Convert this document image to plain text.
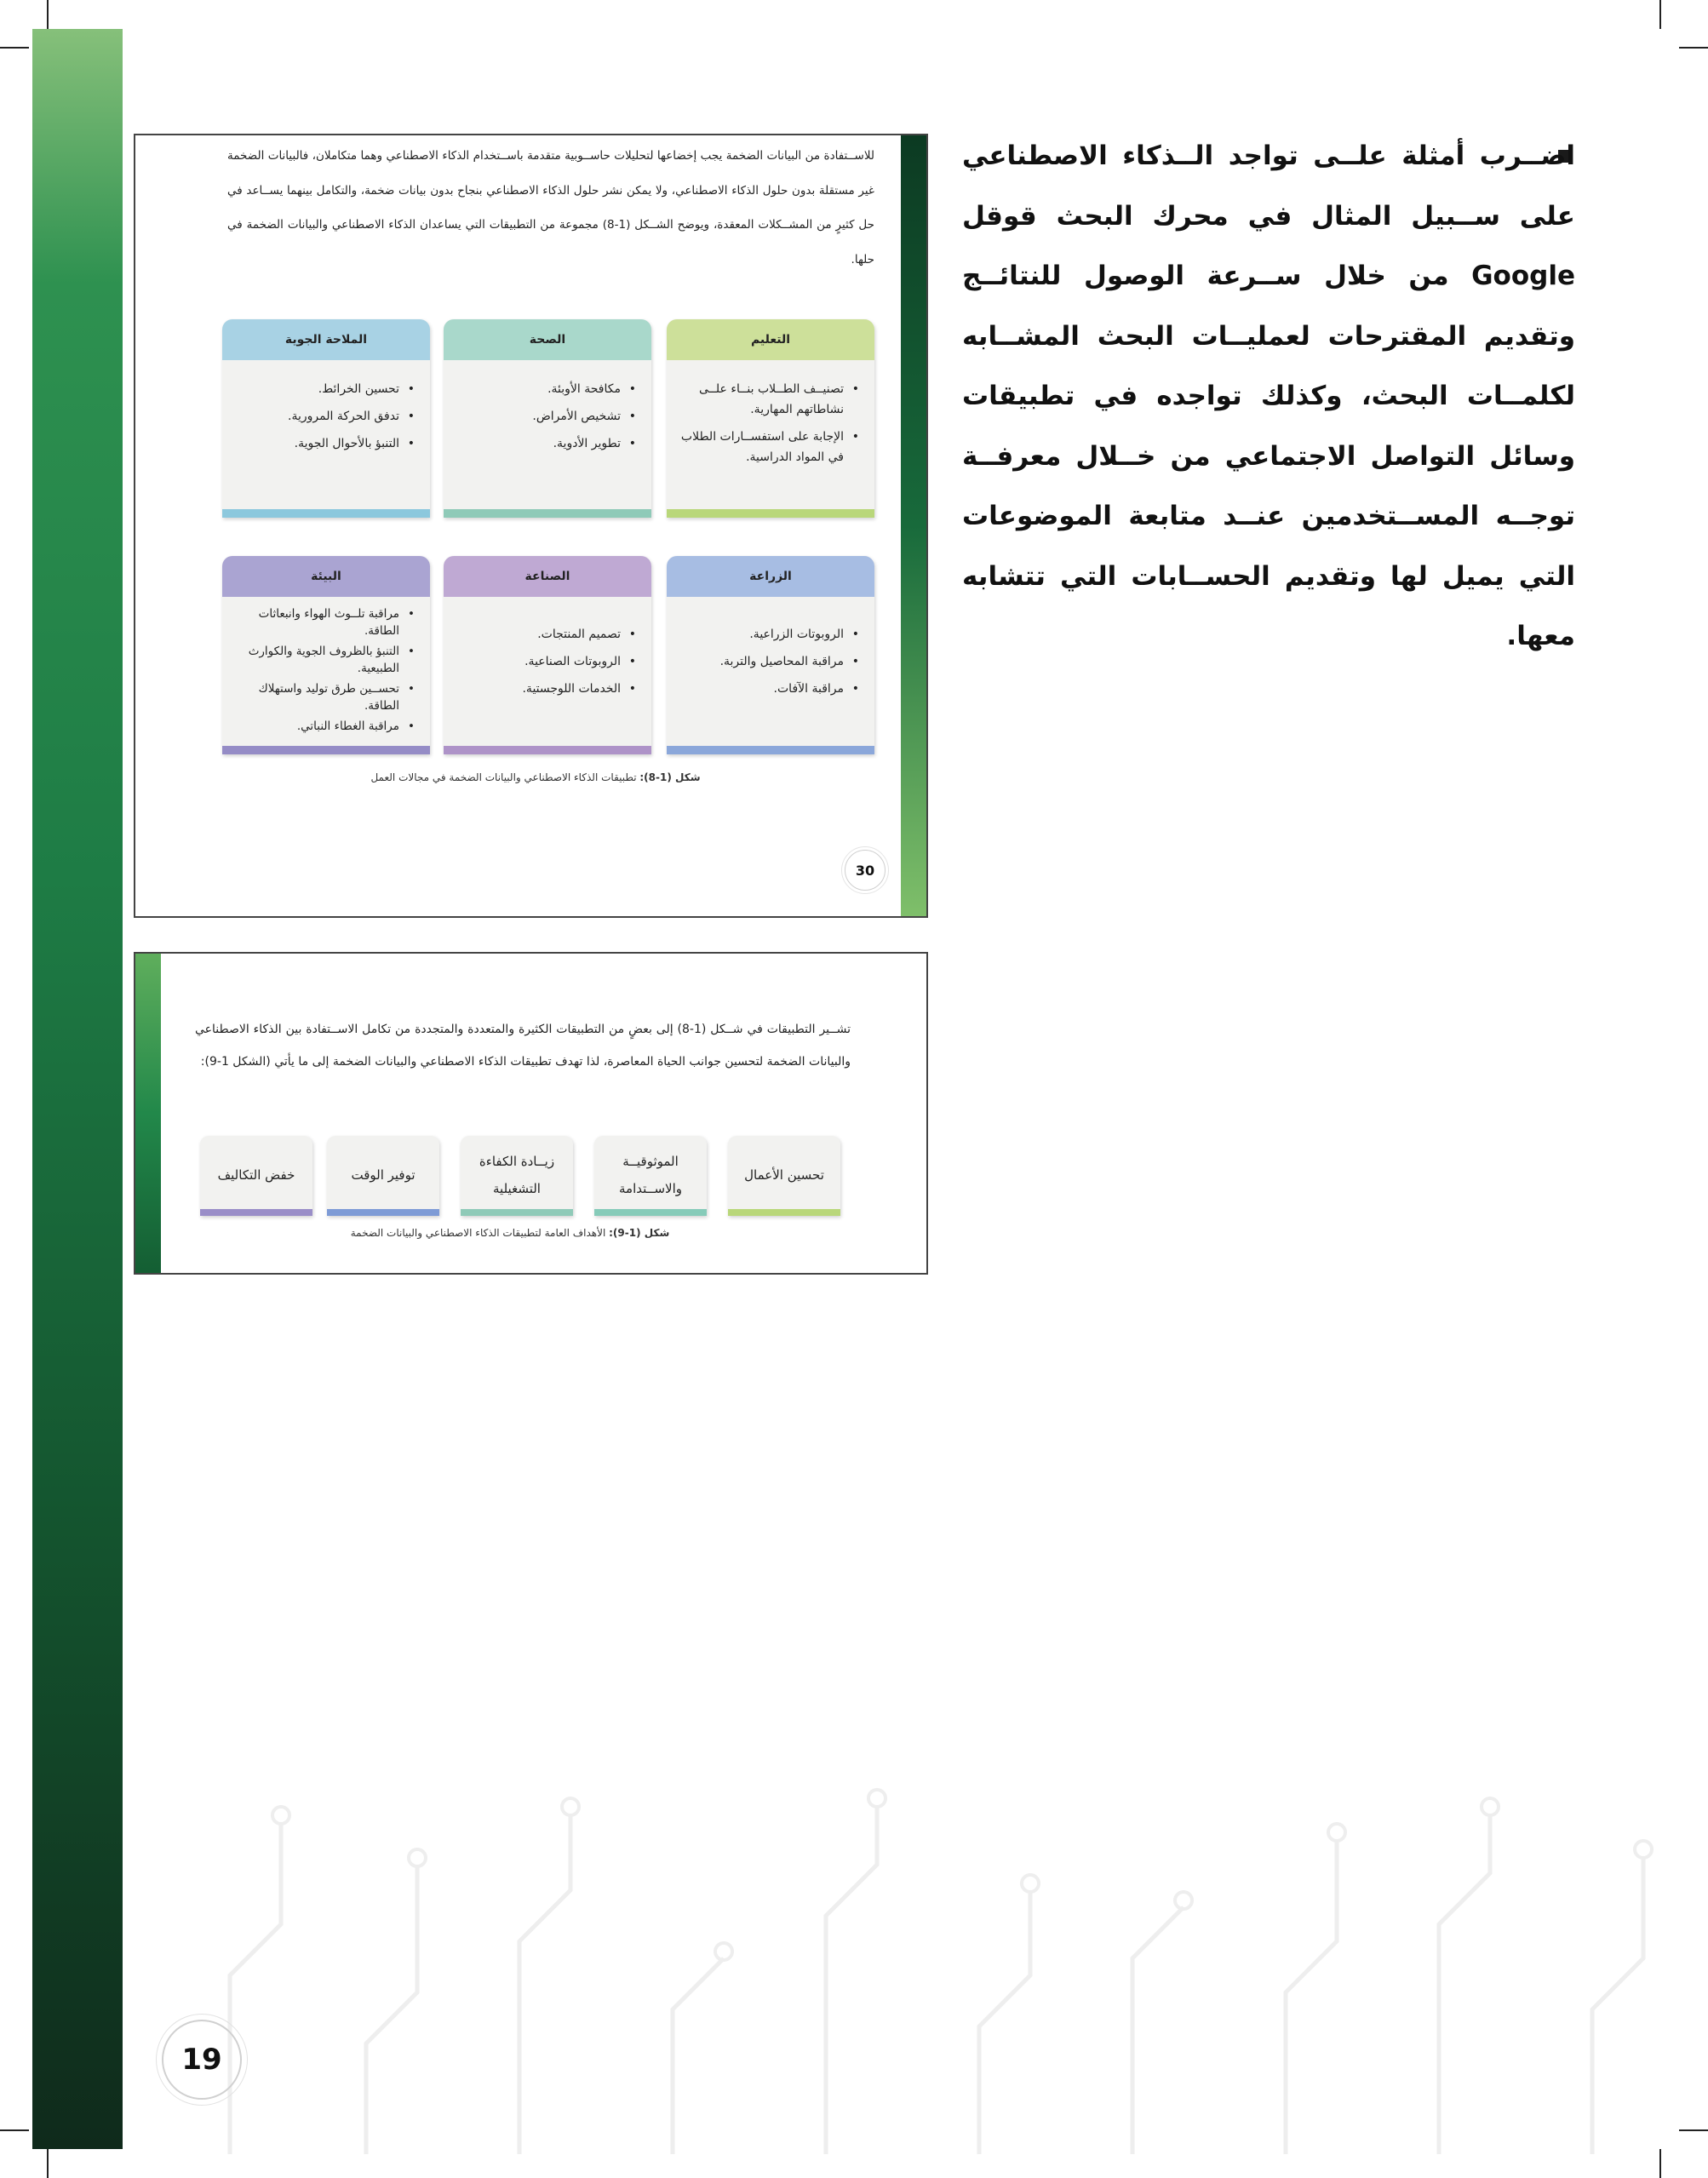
19
اضــرب أمثلة علــى تواجد الــذكاء الاصطناعي على ســبيل المثال في محرك البحث قوقل Google من خلال ســرعة الوصول للنتائــج وتقديم المقترحات لعمليــات البحث المشــابه لكلمــات البحث، وكذلك تواجده في تطبيقات وسائل التواصل الاجتماعي من خــلال معرفــة توجــه المســتخدمين عنــد متابعة الموضوعات التي يميل لها وتقديم الحســابات التي تتشابه معها.
للاســتفادة من البيانات الضخمة يجب إخضاعها لتحليلات حاســوبية متقدمة باســتخدام الذكاء الاصطناعي وهما متكاملان، فالبيانات الضخمة غير مستقلة بدون حلول الذكاء الاصطناعي، ولا يمكن نشر حلول الذكاء الاصطناعي بنجاح بدون بيانات ضخمة، والتكامل بينهما يســاعد في حل كثيرٍ من المشــكلات المعقدة، ويوضح الشــكل (1-8) مجموعة من التطبيقات التي يساعدان الذكاء الاصطناعي والبيانات الضخمة في حلها.
التعليم
• تصنيــف الطــلاب بنــاء علــى نشاطاتهم المهارية.
• الإجابة على استفســارات الطلاب في المواد الدراسية.
الصحة
• مكافحة الأوبئة.
• تشخيص الأمراض.
• تطوير الأدوية.
الملاحة الجوية
• تحسين الخرائط.
• تدفق الحركة المرورية.
• التنبؤ بالأحوال الجوية.
الزراعة
• الروبوتات الزراعية.
• مراقبة المحاصيل والتربة.
• مراقبة الآفات.
الصناعة
• تصميم المنتجات.
• الروبوتات الصناعية.
• الخدمات اللوجستية.
البيئة
• مراقبة تلــوث الهواء وانبعاثات الطاقة.
• التنبؤ بالظروف الجوية والكوارث الطبيعية.
• تحســين طرق توليد واستهلاك الطاقة.
• مراقبة الغطاء النباتي.
شكل (1-8): تطبيقات الذكاء الاصطناعي والبيانات الضخمة في مجالات العمل
30
تشــير التطبيقات في شــكل (1-8) إلى بعضٍ من التطبيقات الكثيرة والمتعددة والمتجددة من تكامل الاســتفادة بين الذكاء الاصطناعي والبيانات الضخمة لتحسين جوانب الحياة المعاصرة، لذا تهدف تطبيقات الذكاء الاصطناعي والبيانات الضخمة إلى ما يأتي (الشكل 1-9):
تحسين الأعمال
الموثوقيــة والاســتدامة
زيــادة الكفاءة التشغيلية
توفير الوقت
خفض التكاليف
شكل (1-9): الأهداف العامة لتطبيقات الذكاء الاصطناعي والبيانات الضخمة
